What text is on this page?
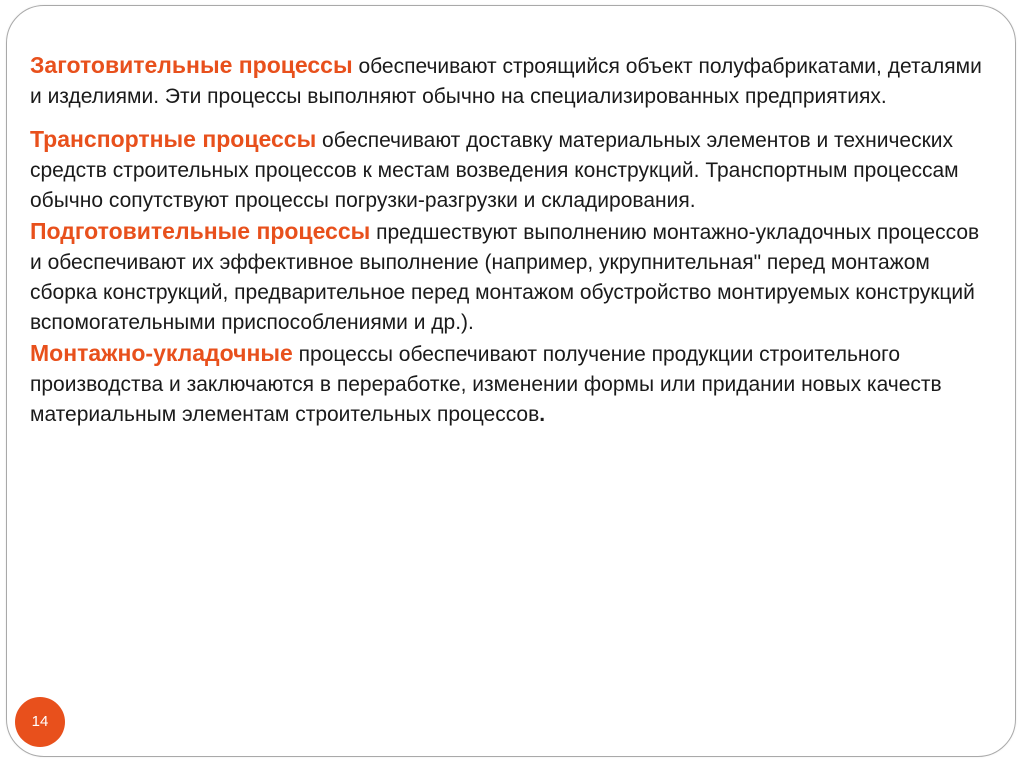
Заготовительные процессы обеспечивают строящийся объект полуфабрикатами, деталями и изделиями. Эти процессы выполняют обычно на специализированных предприятиях.

Транспортные процессы обеспечивают доставку материальных элементов и технических средств строительных процессов к местам возведения конструкций. Транспортным процессам обычно сопутствуют процессы погрузки-разгрузки и складирования.

Подготовительные процессы предшествуют выполнению монтажно-укладочных процессов и обеспечивают их эффективное выполнение (например, укрупнительная" перед монтажом сборка конструкций, предварительное перед монтажом обустройство монтируемых конструкций вспомогательными приспособлениями и др.).

Монтажно-укладочные процессы обеспечивают получение продукции строительного производства и заключаются в переработке, изменении формы или придании новых качеств материальным элементам строительных процессов.

14
